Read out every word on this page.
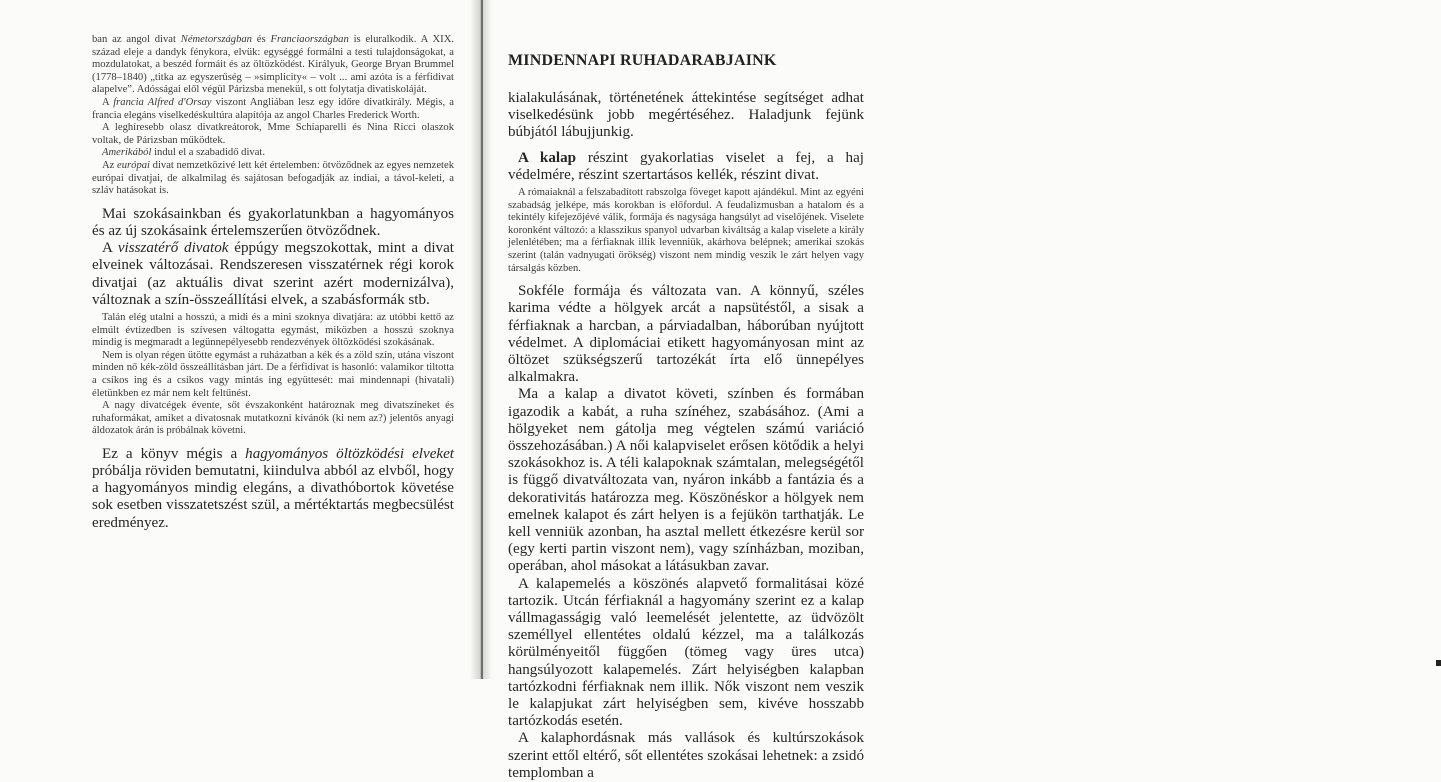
ban az angol divat Németországban és Franciaországban is eluralkodik. A XIX. század eleje a dandyk fénykora, elvük: egységgé formálni a testi tulajdonságokat, a mozdulatokat, a beszéd formáit és az öltözködést. Királyuk, George Bryan Brummel (1778–1840) „titka az egyszerűség – »simplicity« – volt ... ami azóta is a férfidivat alapelve”. Adósságai elől végül Párizsba menekül, s ott folytatja divatiskoláját.

A francia Alfred d'Orsay viszont Angliában lesz egy időre divatkirály. Mégis, a francia elegáns viselkedéskultúra alapítója az angol Charles Frederick Worth.

A leghíresebb olasz divatkreátorok, Mme Schiaparelli és Nina Ricci olaszok voltak, de Párizsban működtek.

Amerikából indul el a szabadidő divat.

Az európai divat nemzetközivé lett két értelemben: ötvöződnek az egyes nemzetek európai divatjai, de alkalmilag és sajátosan befogadják az indiai, a távol-keleti, a szláv hatásokat is.

Mai szokásainkban és gyakorlatunkban a hagyományos és az új szokásaink értelemszerűen ötvöződnek.

A visszatérő divatok éppúgy megszokottak, mint a divat elveinek változásai. Rendszeresen visszatérnek régi korok divatjai (az aktuális divat szerint azért modernizálva), változnak a szín-összeállítási elvek, a szabásformák stb.

Talán elég utalni a hosszú, a midi és a mini szoknya divatjára: az utóbbi kettő az elmúlt évtizedben is szívesen váltogatta egymást, miközben a hosszú szoknya mindig is megmaradt a legünnepélyesebb rendezvények öltözködési szokásának.

Nem is olyan régen ütötte egymást a ruházatban a kék és a zöld szín, utána viszont minden nő kék-zöld összeállításban járt. De a férfidivat is hasonló: valamikor tiltotta a csíkos ing és a csíkos vagy mintás ing együttesét: mai mindennapi (hivatali) életünkben ez már nem kelt feltűnést.

A nagy divatcégek évente, sőt évszakonként határoznak meg divatszíneket és ruhaformákat, amiket a divatosnak mutatkozni kívánók (ki nem az?) jelentős anyagi áldozatok árán is próbálnak követni.

Ez a könyv mégis a hagyományos öltözködési elveket próbálja röviden bemutatni, kiindulva abból az elvből, hogy a hagyományos mindig elegáns, a divathóbortok követése sok esetben visszatetszést szül, a mértéktartás megbecsülést eredményez.

MINDENNAPI RUHADARABJAINK

kialakulásának, történetének áttekintése segítséget adhat viselkedésünk jobb megértéséhez. Haladjunk fejünk búbjától lábujjunkig.

A kalap részint gyakorlatias viselet a fej, a haj védelmére, részint szertartásos kellék, részint divat.

A rómaiaknál a felszabadított rabszolga föveget kapott ajándékul. Mint az egyéni szabadság jelképe, más korokban is előfordul. A feudalizmusban a hatalom és a tekintély kifejezőjévé válik, formája és nagysága hangsúlyt ad viselőjének. Viselete koronként változó: a klasszikus spanyol udvarban kiváltság a kalap viselete a király jelenlétében; ma a férfiaknak illik levenniük, akárhova belépnek; amerikai szokás szerint (talán vadnyugati örökség) viszont nem mindig veszik le zárt helyen vagy társalgás közben.

Sokféle formája és változata van. A könnyű, széles karima védte a hölgyek arcát a napsütéstől, a sisak a férfiaknak a harcban, a párviadalban, háborúban nyújtott védelmet. A diplomáciai etikett hagyományosan mint az öltözet szükségszerű tartozékát írta elő ünnepélyes alkalmakra.

Ma a kalap a divatot követi, színben és formában igazodik a kabát, a ruha színéhez, szabásához. (Ami a hölgyeket nem gátolja meg végtelen számú variáció összehozásában.) A női kalapviselet erősen kötődik a helyi szokásokhoz is. A téli kalapoknak számtalan, melegségétől is függő divatváltozata van, nyáron inkább a fantázia és a dekorativitás határozza meg. Köszönéskor a hölgyek nem emelnek kalapot és zárt helyen is a fejükön tarthatják. Le kell venniük azonban, ha asztal mellett étkezésre kerül sor (egy kerti partin viszont nem), vagy színházban, moziban, operában, ahol másokat a látásukban zavar.

A kalapemelés a köszönés alapvető formalitásai közé tartozik. Utcán férfiaknál a hagyomány szerint ez a kalap vállmagasságig való leemelését jelentette, az üdvözölt személlyel ellentétes oldalú kézzel, ma a találkozás körülményeitől függően (tömeg vagy üres utca) hangsúlyozott kalapemelés. Zárt helyiségben kalapban tartózkodni férfiaknak nem illik. Nők viszont nem veszik le kalapjukat zárt helyiségben sem, kivéve hosszabb tartózkodás esetén.

A kalaphordásnak más vallások és kultúrszokások szerint ettől eltérő, sőt ellentétes szokásai lehetnek: a zsidó templomban a
